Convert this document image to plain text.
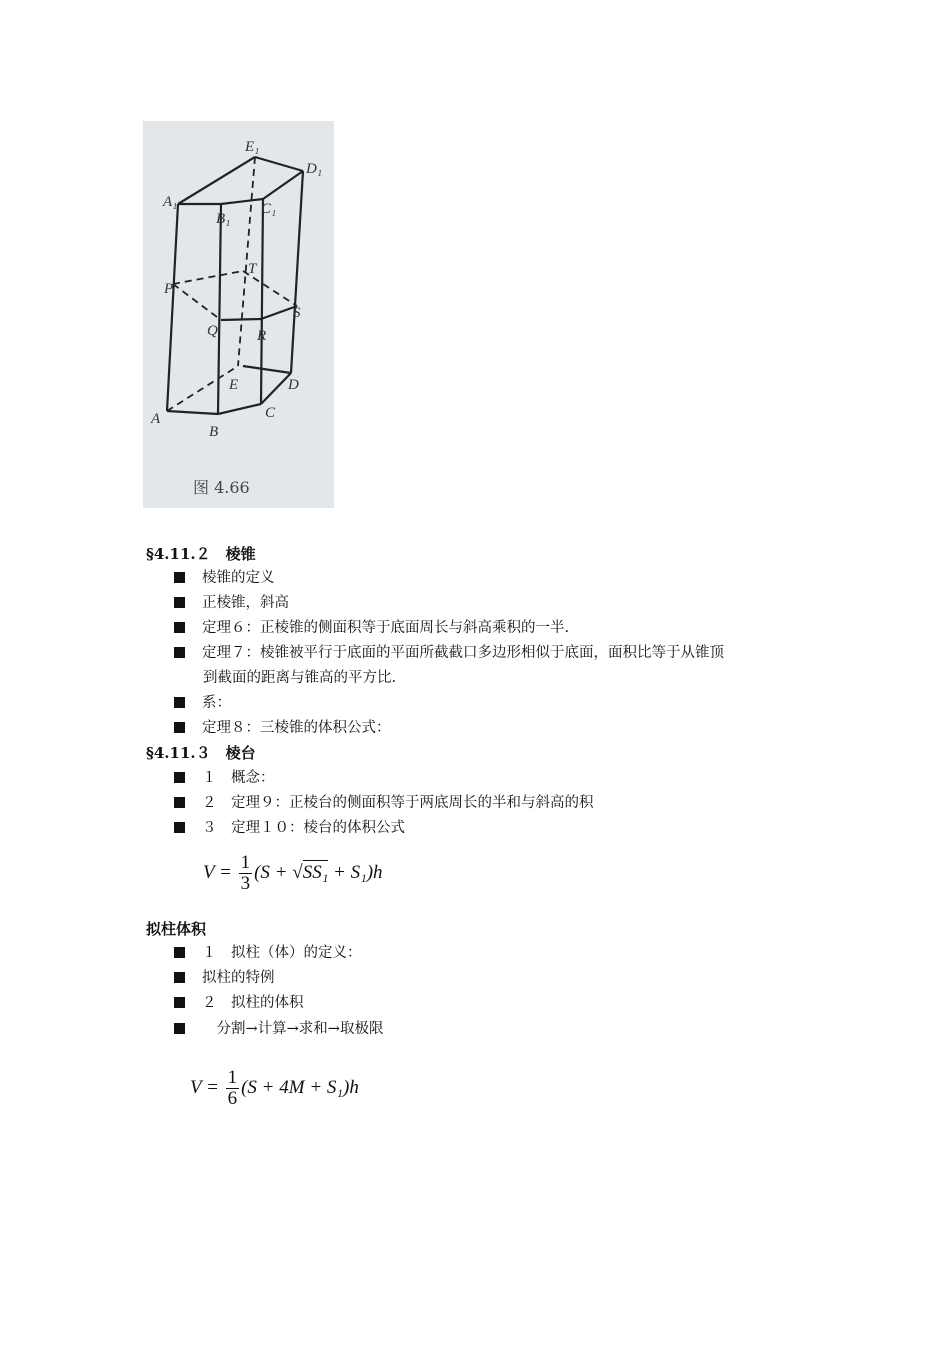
E₁
D₁
A₁
B₁
C₁
T
P
S
Q	R
E	D
A	C
B
图 4.66
§4.11.２　棱锥
棱锥的定义
正棱锥，斜高
定理６：正棱锥的侧面积等于底面周长与斜高乘积的一半.
定理７：棱锥被平行于底面的平面所截截口多边形相似于底面，面积比等于从锥顶
到截面的距离与锥高的平方比.
系：
定理８：三棱锥的体积公式：
§4.11.３　棱台
１　概念：
２　定理９：正棱台的侧面积等于两底周长的半和与斜高的积
３　定理１０：棱台的体积公式
$V = \frac{1}{3} (S + √SS_1 + S_1)h$
拟柱体积
１　拟柱（体）的定义：
拟柱的特例
２　拟柱的体积
　分割→计算→求和→取极限
$V = \frac{1}{6} (S + 4M + S_1)h$
